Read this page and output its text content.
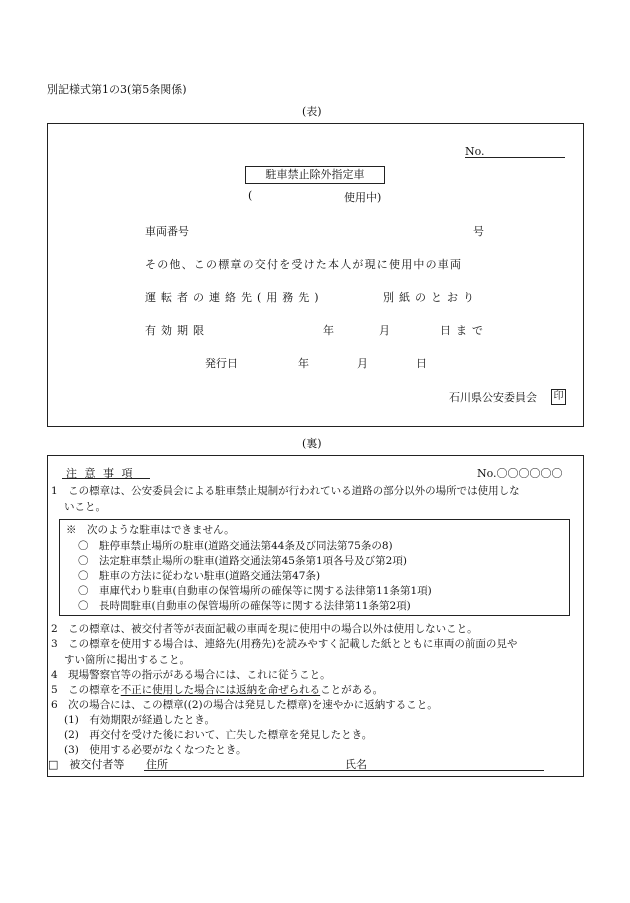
別記様式第1の3(第5条関係)
(表)
No.
駐車禁止除外指定車
(	使用中)
車両番号	号
その他、この標章の交付を受けた本人が現に使用中の車両
運転者の連絡先(用務先)	別紙のとおり
有効期限	年	月	日まで
発行日	年	月	日
石川県公安委員会 印
(裏)
注 意 事 項	No.〇〇〇〇〇〇
1　この標章は、公安委員会による駐車禁止規制が行われている道路の部分以外の場所では使用しな
いこと。
※　次のような駐車はできません。
〇　駐停車禁止場所の駐車(道路交通法第44条及び同法第75条の8)
〇　法定駐車禁止場所の駐車(道路交通法第45条第1項各号及び第2項)
〇　駐車の方法に従わない駐車(道路交通法第47条)
〇　車庫代わり駐車(自動車の保管場所の確保等に関する法律第11条第1項)
〇　長時間駐車(自動車の保管場所の確保等に関する法律第11条第2項)
2　この標章は、被交付者等が表面記載の車両を現に使用中の場合以外は使用しないこと。
3　この標章を使用する場合は、連絡先(用務先)を読みやすく記載した紙とともに車両の前面の見や
すい箇所に掲出すること。
4　現場警察官等の指示がある場合には、これに従うこと。
5　この標章を不正に使用した場合には返納を命ぜられることがある。
6　次の場合には、この標章((2)の場合は発見した標章)を速やかに返納すること。
(1)　有効期限が経過したとき。
(2)　再交付を受けた後において、亡失した標章を発見したとき。
(3)　使用する必要がなくなつたとき。
□　被交付者等 住所	氏名
